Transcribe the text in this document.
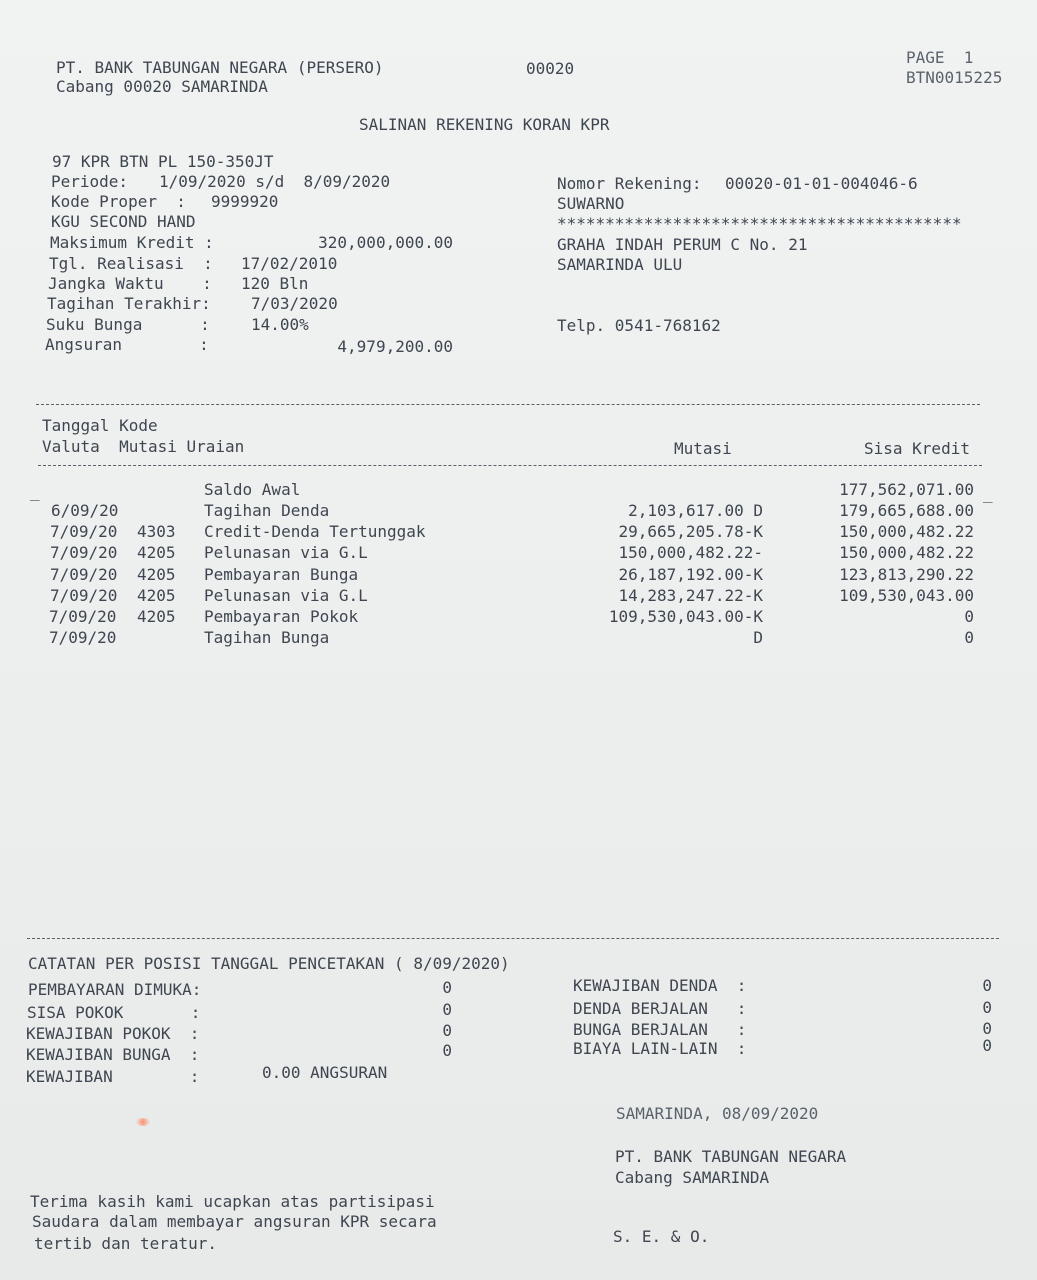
PT. BANK TABUNGAN NEGARA (PERSERO)
Cabang 00020 SAMARINDA
00020
PAGE  1
BTN0015225
SALINAN REKENING KORAN KPR
97 KPR BTN PL 150-350JT
Periode: 1/09/2020 s/d  8/09/2020
Kode Proper  : 9999920
KGU SECOND HAND
Maksimum Kredit :	320,000,000.00
Tgl. Realisasi  : 17/02/2010
Jangka Waktu    : 120 Bln
Tagihan Terakhir:	7/03/2020
Suku Bunga      :	14.00%
Angsuran        :	4,979,200.00
Nomor Rekening: 00020-01-01-004046-6
SUWARNO
******************************************
GRAHA INDAH PERUM C No. 21
SAMARINDA ULU
Telp. 0541-768162
Tanggal Kode
Valuta  Mutasi Uraian	Mutasi	Sisa Kredit
_	_
Saldo Awal	177,562,071.00
6/09/20	Tagihan Denda	2,103,617.00 D	179,665,688.00
7/09/20 4303 Credit-Denda Tertunggak	29,665,205.78-K	150,000,482.22
7/09/20 4205 Pelunasan via G.L	150,000,482.22-	150,000,482.22
7/09/20 4205 Pembayaran Bunga	26,187,192.00-K	123,813,290.22
7/09/20 4205 Pelunasan via G.L	14,283,247.22-K	109,530,043.00
7/09/20 4205 Pembayaran Pokok	109,530,043.00-K	0
7/09/20	Tagihan Bunga	D	0
CATATAN PER POSISI TANGGAL PENCETAKAN ( 8/09/2020)
PEMBAYARAN DIMUKA:	0
SISA POKOK       :	0
KEWAJIBAN POKOK  :	0
KEWAJIBAN BUNGA  :	0
KEWAJIBAN        :	0.00 ANGSURAN
KEWAJIBAN DENDA  :	0
DENDA BERJALAN   :	0
BUNGA BERJALAN   :	0
BIAYA LAIN-LAIN  :	0
SAMARINDA, 08/09/2020
PT. BANK TABUNGAN NEGARA
Cabang SAMARINDA
S. E. & O.
Terima kasih kami ucapkan atas partisipasi
Saudara dalam membayar angsuran KPR secara
tertib dan teratur.
